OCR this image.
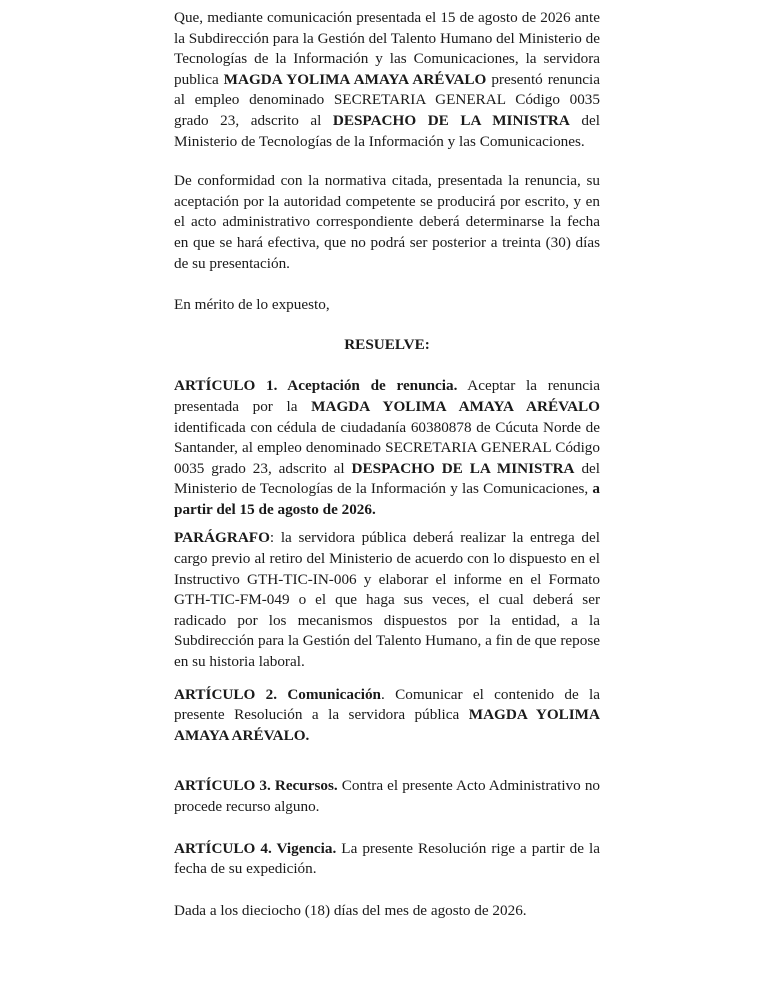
Que, mediante comunicación presentada el 15 de agosto de 2026 ante la Subdirección para la Gestión del Talento Humano del Ministerio de Tecnologías de la Información y las Comunicaciones, la servidora publica MAGDA YOLIMA AMAYA ARÉVALO presentó renuncia al empleo denominado SECRETARIA GENERAL Código 0035 grado 23, adscrito al DESPACHO DE LA MINISTRA del Ministerio de Tecnologías de la Información y las Comunicaciones.

De conformidad con la normativa citada, presentada la renuncia, su aceptación por la autoridad competente se producirá por escrito, y en el acto administrativo correspondiente deberá determinarse la fecha en que se hará efectiva, que no podrá ser posterior a treinta (30) días de su presentación.

En mérito de lo expuesto,

RESUELVE:

ARTÍCULO 1. Aceptación de renuncia. Aceptar la renuncia presentada por la MAGDA YOLIMA AMAYA ARÉVALO identificada con cédula de ciudadanía 60380878 de Cúcuta Norde de Santander, al empleo denominado SECRETARIA GENERAL Código 0035 grado 23, adscrito al DESPACHO DE LA MINISTRA del Ministerio de Tecnologías de la Información y las Comunicaciones, a partir del 15 de agosto de 2026.

PARÁGRAFO: la servidora pública deberá realizar la entrega del cargo previo al retiro del Ministerio de acuerdo con lo dispuesto en el Instructivo GTH-TIC-IN-006 y elaborar el informe en el Formato GTH-TIC-FM-049 o el que haga sus veces, el cual deberá ser radicado por los mecanismos dispuestos por la entidad, a la Subdirección para la Gestión del Talento Humano, a fin de que repose en su historia laboral.

ARTÍCULO 2. Comunicación. Comunicar el contenido de la presente Resolución a la servidora pública MAGDA YOLIMA AMAYA ARÉVALO.

ARTÍCULO 3. Recursos. Contra el presente Acto Administrativo no procede recurso alguno.

ARTÍCULO 4. Vigencia. La presente Resolución rige a partir de la fecha de su expedición.

Dada a los dieciocho (18) días del mes de agosto de 2026.
